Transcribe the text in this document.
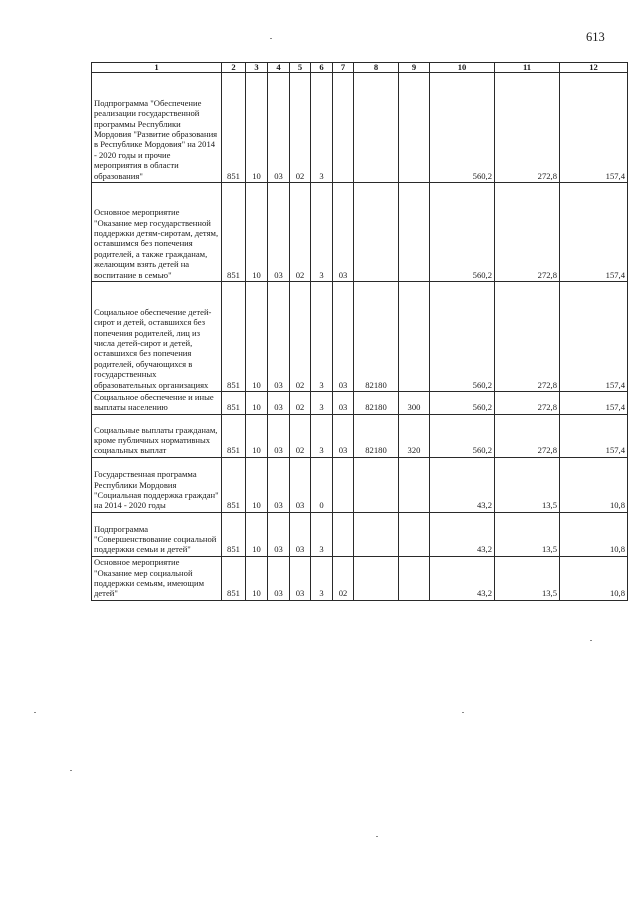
613
1	2	3	4	5	6	7	8	9	10	11	12
Подпрограмма "Обеспечение реализации государственной программы Республики Мордовия "Развитие образования в Республике Мордовия" на 2014 - 2020 годы и прочие мероприятия в области образования"	851	10	03	02	3				560,2	272,8	157,4
Основное мероприятие "Оказание мер государственной поддержки детям-сиротам, детям, оставшимся без попечения родителей, а также гражданам, желающим взять детей на воспитание в семью"	851	10	03	02	3	03			560,2	272,8	157,4
Социальное обеспечение детей-сирот и детей, оставшихся без попечения родителей, лиц из числа детей-сирот и детей, оставшихся без попечения родителей, обучающихся в государственных образовательных организациях	851	10	03	02	3	03	82180		560,2	272,8	157,4
Социальное обеспечение и иные выплаты населению	851	10	03	02	3	03	82180	300	560,2	272,8	157,4
Социальные выплаты гражданам, кроме публичных нормативных социальных выплат	851	10	03	02	3	03	82180	320	560,2	272,8	157,4
Государственная программа Республики Мордовия "Социальная поддержка граждан" на 2014 - 2020 годы	851	10	03	03	0				43,2	13,5	10,8
Подпрограмма "Совершенствование социальной поддержки семьи и детей"	851	10	03	03	3				43,2	13,5	10,8
Основное мероприятие "Оказание мер социальной поддержки семьям, имеющим детей"	851	10	03	03	3	02			43,2	13,5	10,8
